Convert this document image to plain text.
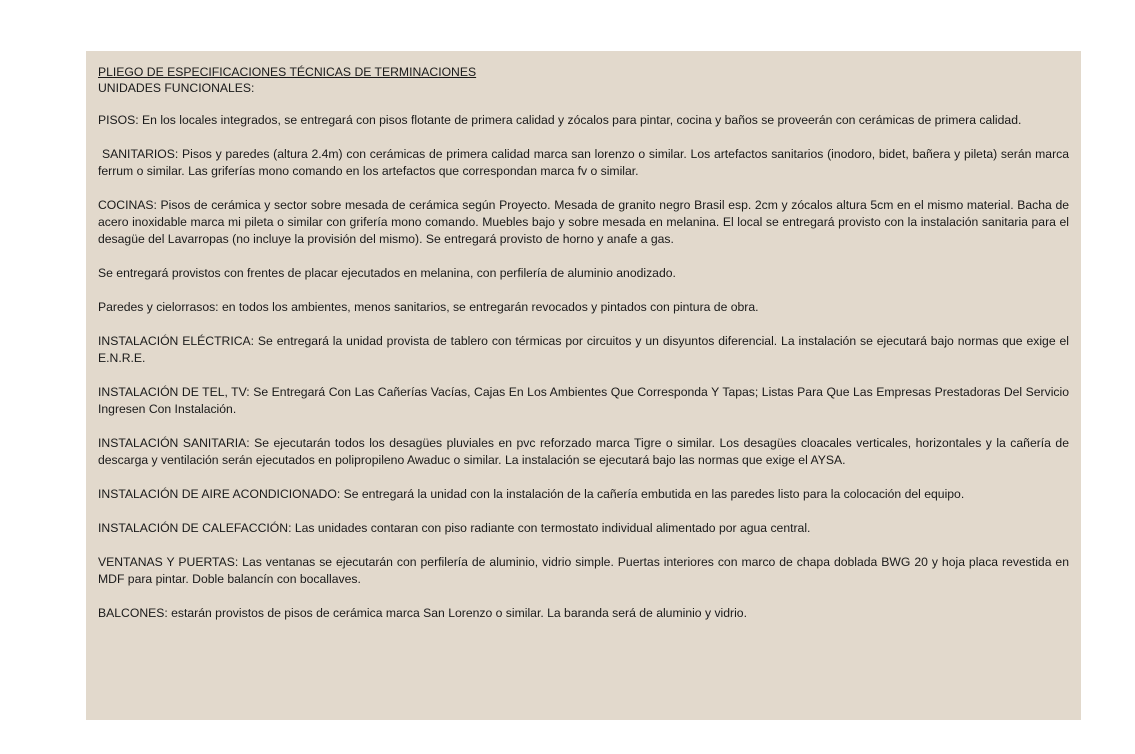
PLIEGO DE ESPECIFICACIONES TÉCNICAS DE TERMINACIONES

UNIDADES FUNCIONALES:

PISOS: En los locales integrados, se entregará con pisos flotante de primera calidad y zócalos para pintar, cocina y baños se proveerán con cerámicas de primera calidad.

SANITARIOS: Pisos y paredes (altura 2.4m) con cerámicas de primera calidad marca san lorenzo o similar. Los artefactos sanitarios (inodoro, bidet, bañera y pileta) serán marca ferrum o similar. Las griferías mono comando en los artefactos que correspondan marca fv o similar.

COCINAS: Pisos de cerámica y sector sobre mesada de cerámica según Proyecto. Mesada de granito negro Brasil esp. 2cm y zócalos altura 5cm en el mismo material. Bacha de acero inoxidable marca mi pileta o similar con grifería mono comando. Muebles bajo y sobre mesada en melanina. El local se entregará provisto con la instalación sanitaria para el desagüe del Lavarropas (no incluye la provisión del mismo). Se entregará provisto de horno y anafe a gas.

Se entregará provistos con frentes de placar ejecutados en melanina, con perfilería de aluminio anodizado.

Paredes y cielorrasos: en todos los ambientes, menos sanitarios, se entregarán revocados y pintados con pintura de obra.

INSTALACIÓN ELÉCTRICA: Se entregará la unidad provista de tablero con térmicas por circuitos y un disyuntos diferencial. La instalación se ejecutará bajo normas que exige el E.N.R.E.

INSTALACIÓN DE TEL, TV: Se Entregará Con Las Cañerías Vacías, Cajas En Los Ambientes Que Corresponda Y Tapas; Listas Para Que Las Empresas Prestadoras Del Servicio Ingresen Con Instalación.

INSTALACIÓN SANITARIA: Se ejecutarán todos los desagües pluviales en pvc reforzado marca Tigre o similar. Los desagües cloacales verticales, horizontales y la cañería de descarga y ventilación serán ejecutados en polipropileno Awaduc o similar. La instalación se ejecutará bajo las normas que exige el AYSA.

INSTALACIÓN DE AIRE ACONDICIONADO: Se entregará la unidad con la instalación de la cañería embutida en las paredes listo para la colocación del equipo.

INSTALACIÓN DE CALEFACCIÓN: Las unidades contaran con piso radiante con termostato individual alimentado por agua central.

VENTANAS Y PUERTAS: Las ventanas se ejecutarán con perfilería de aluminio, vidrio simple. Puertas interiores con marco de chapa doblada BWG 20 y hoja placa revestida en MDF para pintar. Doble balancín con bocallaves.

BALCONES: estarán provistos de pisos de cerámica marca San Lorenzo o similar. La baranda será de aluminio y vidrio.
